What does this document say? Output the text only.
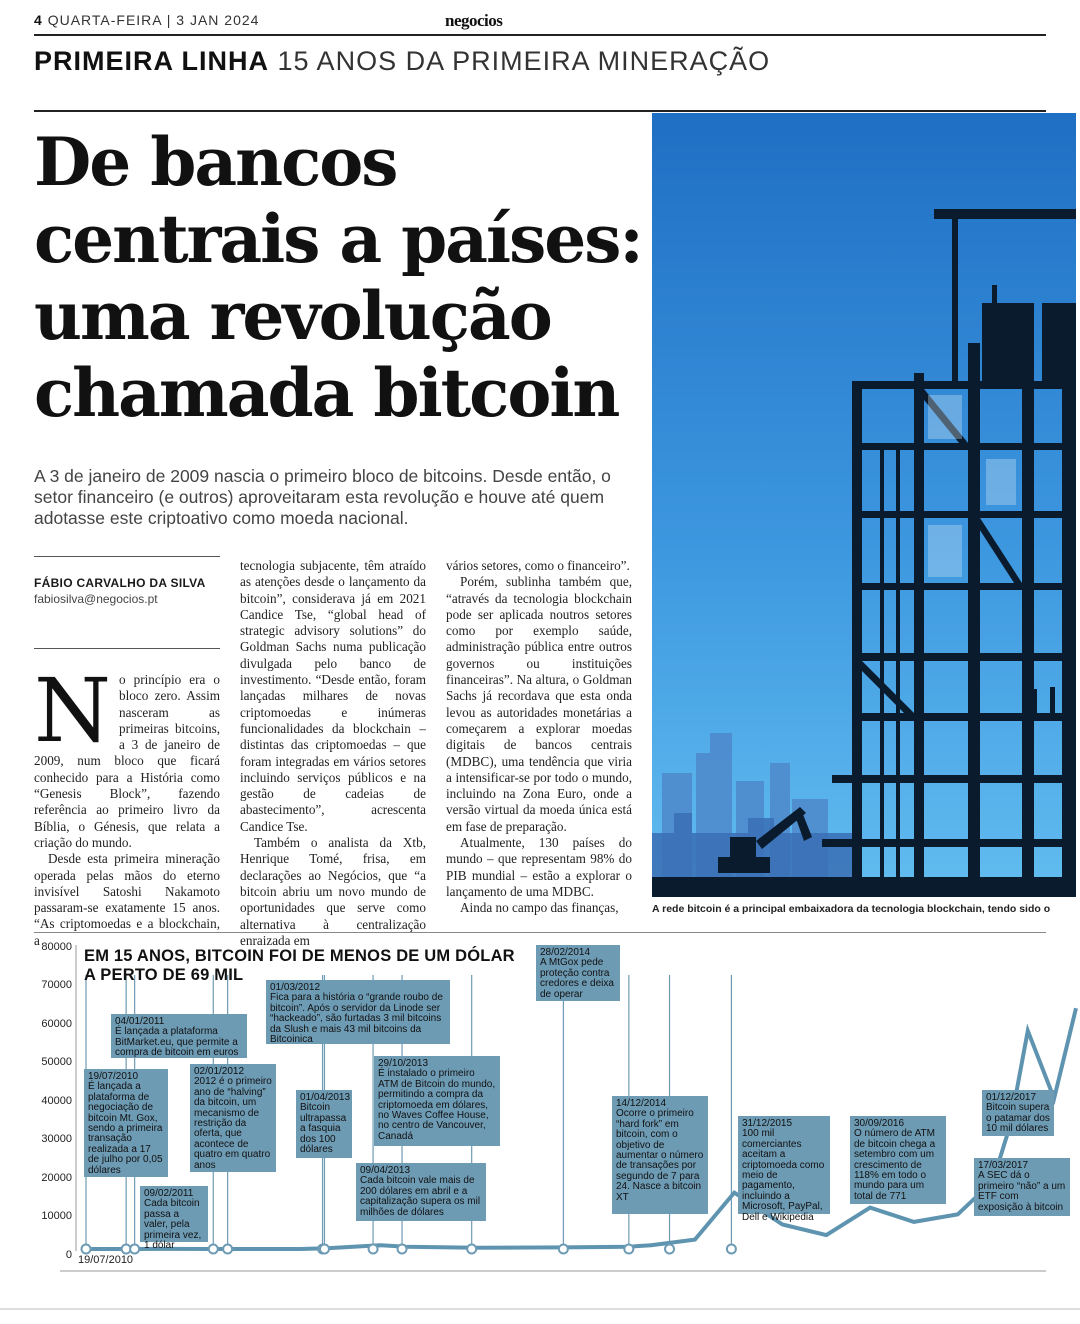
4 QUARTA-FEIRA | 3 JAN 2024	negocios
PRIMEIRA LINHA 15 ANOS DA PRIMEIRA MINERAÇÃO
De bancos
centrais a países:
uma revolução
chamada bitcoin
A 3 de janeiro de 2009 nascia o primeiro bloco de bitcoins. Desde então, o setor financeiro (e outros) aproveitaram esta revolução e houve até quem adotasse este criptoativo como moeda nacional.
FÁBIO CARVALHO DA SILVA
fabiosilva@negocios.pt
N o princípio era o bloco zero. Assim nasceram as primeiras bitcoins, a 3 de janeiro de 2009, num bloco que ficará conhecido para a História como “Genesis Block”, fazendo referência ao primeiro livro da Bíblia, o Génesis, que relata a criação do mundo.

Desde esta primeira mineração operada pelas mãos do eterno invisível Satoshi Nakamoto passaram-se exatamente 15 anos. “As criptomoedas e a blockchain, a

tecnologia subjacente, têm atraído as atenções desde o lançamento da bitcoin”, considerava já em 2021 Candice Tse, “global head of strategic advisory solutions” do Goldman Sachs numa publicação divulgada pelo banco de investimento. “Desde então, foram lançadas milhares de novas criptomoedas e inúmeras funcionalidades da blockchain – distintas das criptomoedas – que foram integradas em vários setores incluindo serviços públicos e na gestão de cadeias de abastecimento”, acrescenta Candice Tse.

Também o analista da Xtb, Henrique Tomé, frisa, em declarações ao Negócios, que “a bitcoin abriu um novo mundo de oportunidades que serve como alternativa à centralização enraizada em

vários setores, como o financeiro”.

Porém, sublinha também que, “através da tecnologia blockchain pode ser aplicada noutros setores como por exemplo saúde, administração pública entre outros governos ou instituições financeiras”. Na altura, o Goldman Sachs já recordava que esta onda levou as autoridades monetárias a começarem a explorar moedas digitais de bancos centrais (MDBC), uma tendência que viria a intensificar-se por todo o mundo, incluindo na Zona Euro, onde a versão virtual da moeda única está em fase de preparação.

Atualmente, 130 países do mundo – que representam 98% do PIB mundial – estão a explorar o lançamento de uma MDBC.

Ainda no campo das finanças,	A rede bitcoin é a principal embaixadora da tecnologia blockchain, tendo sido o
80000
70000
60000
50000
40000
30000
20000
10000
0
EM 15 ANOS, BITCOIN FOI DE MENOS DE UM DÓLAR
A PERTO DE 69 MIL
19/07/2010
É lançada a plataforma de negociação de bitcoin Mt. Gox, sendo a primeira transação realizada a 17 de julho por 0,05 dólares
04/01/2011
É lançada a plataforma BitMarket.eu, que permite a compra de bitcoin em euros
09/02/2011
Cada bitcoin passa a valer, pela primeira vez, 1 dólar
02/01/2012
2012 é o primeiro ano de “halving” da bitcoin, um mecanismo de restrição da oferta, que acontece de quatro em quatro anos
01/03/2012
Fica para a história o “grande roubo de bitcoin”. Após o servidor da Linode ser “hackeado”, são furtadas 3 mil bitcoins da Slush e mais 43 mil bitcoins da Bitcoinica
01/04/2013
Bitcoin ultrapassa a fasquia dos 100 dólares
09/04/2013
Cada bitcoin vale mais de 200 dólares em abril e a capitalização supera os mil milhões de dólares
29/10/2013
É instalado o primeiro ATM de Bitcoin do mundo, permitindo a compra da criptomoeda em dólares, no Waves Coffee House, no centro de Vancouver, Canadá
28/02/2014
A MtGox pede proteção contra credores e deixa de operar
14/12/2014
Ocorre o primeiro “hard fork” em bitcoin, com o objetivo de aumentar o número de transações por segundo de 7 para 24. Nasce a bitcoin XT
31/12/2015
100 mil comerciantes aceitam a criptomoeda como meio de pagamento, incluindo a Microsoft, PayPal, Dell e Wikipedia
30/09/2016
O número de ATM de bitcoin chega a setembro com um crescimento de 118% em todo o mundo para um total de 771
01/12/2017
Bitcoin supera o patamar dos 10 mil dólares
17/03/2017
A SEC dá o primeiro “não” a um ETF com exposição à bitcoin
19/07/2010
